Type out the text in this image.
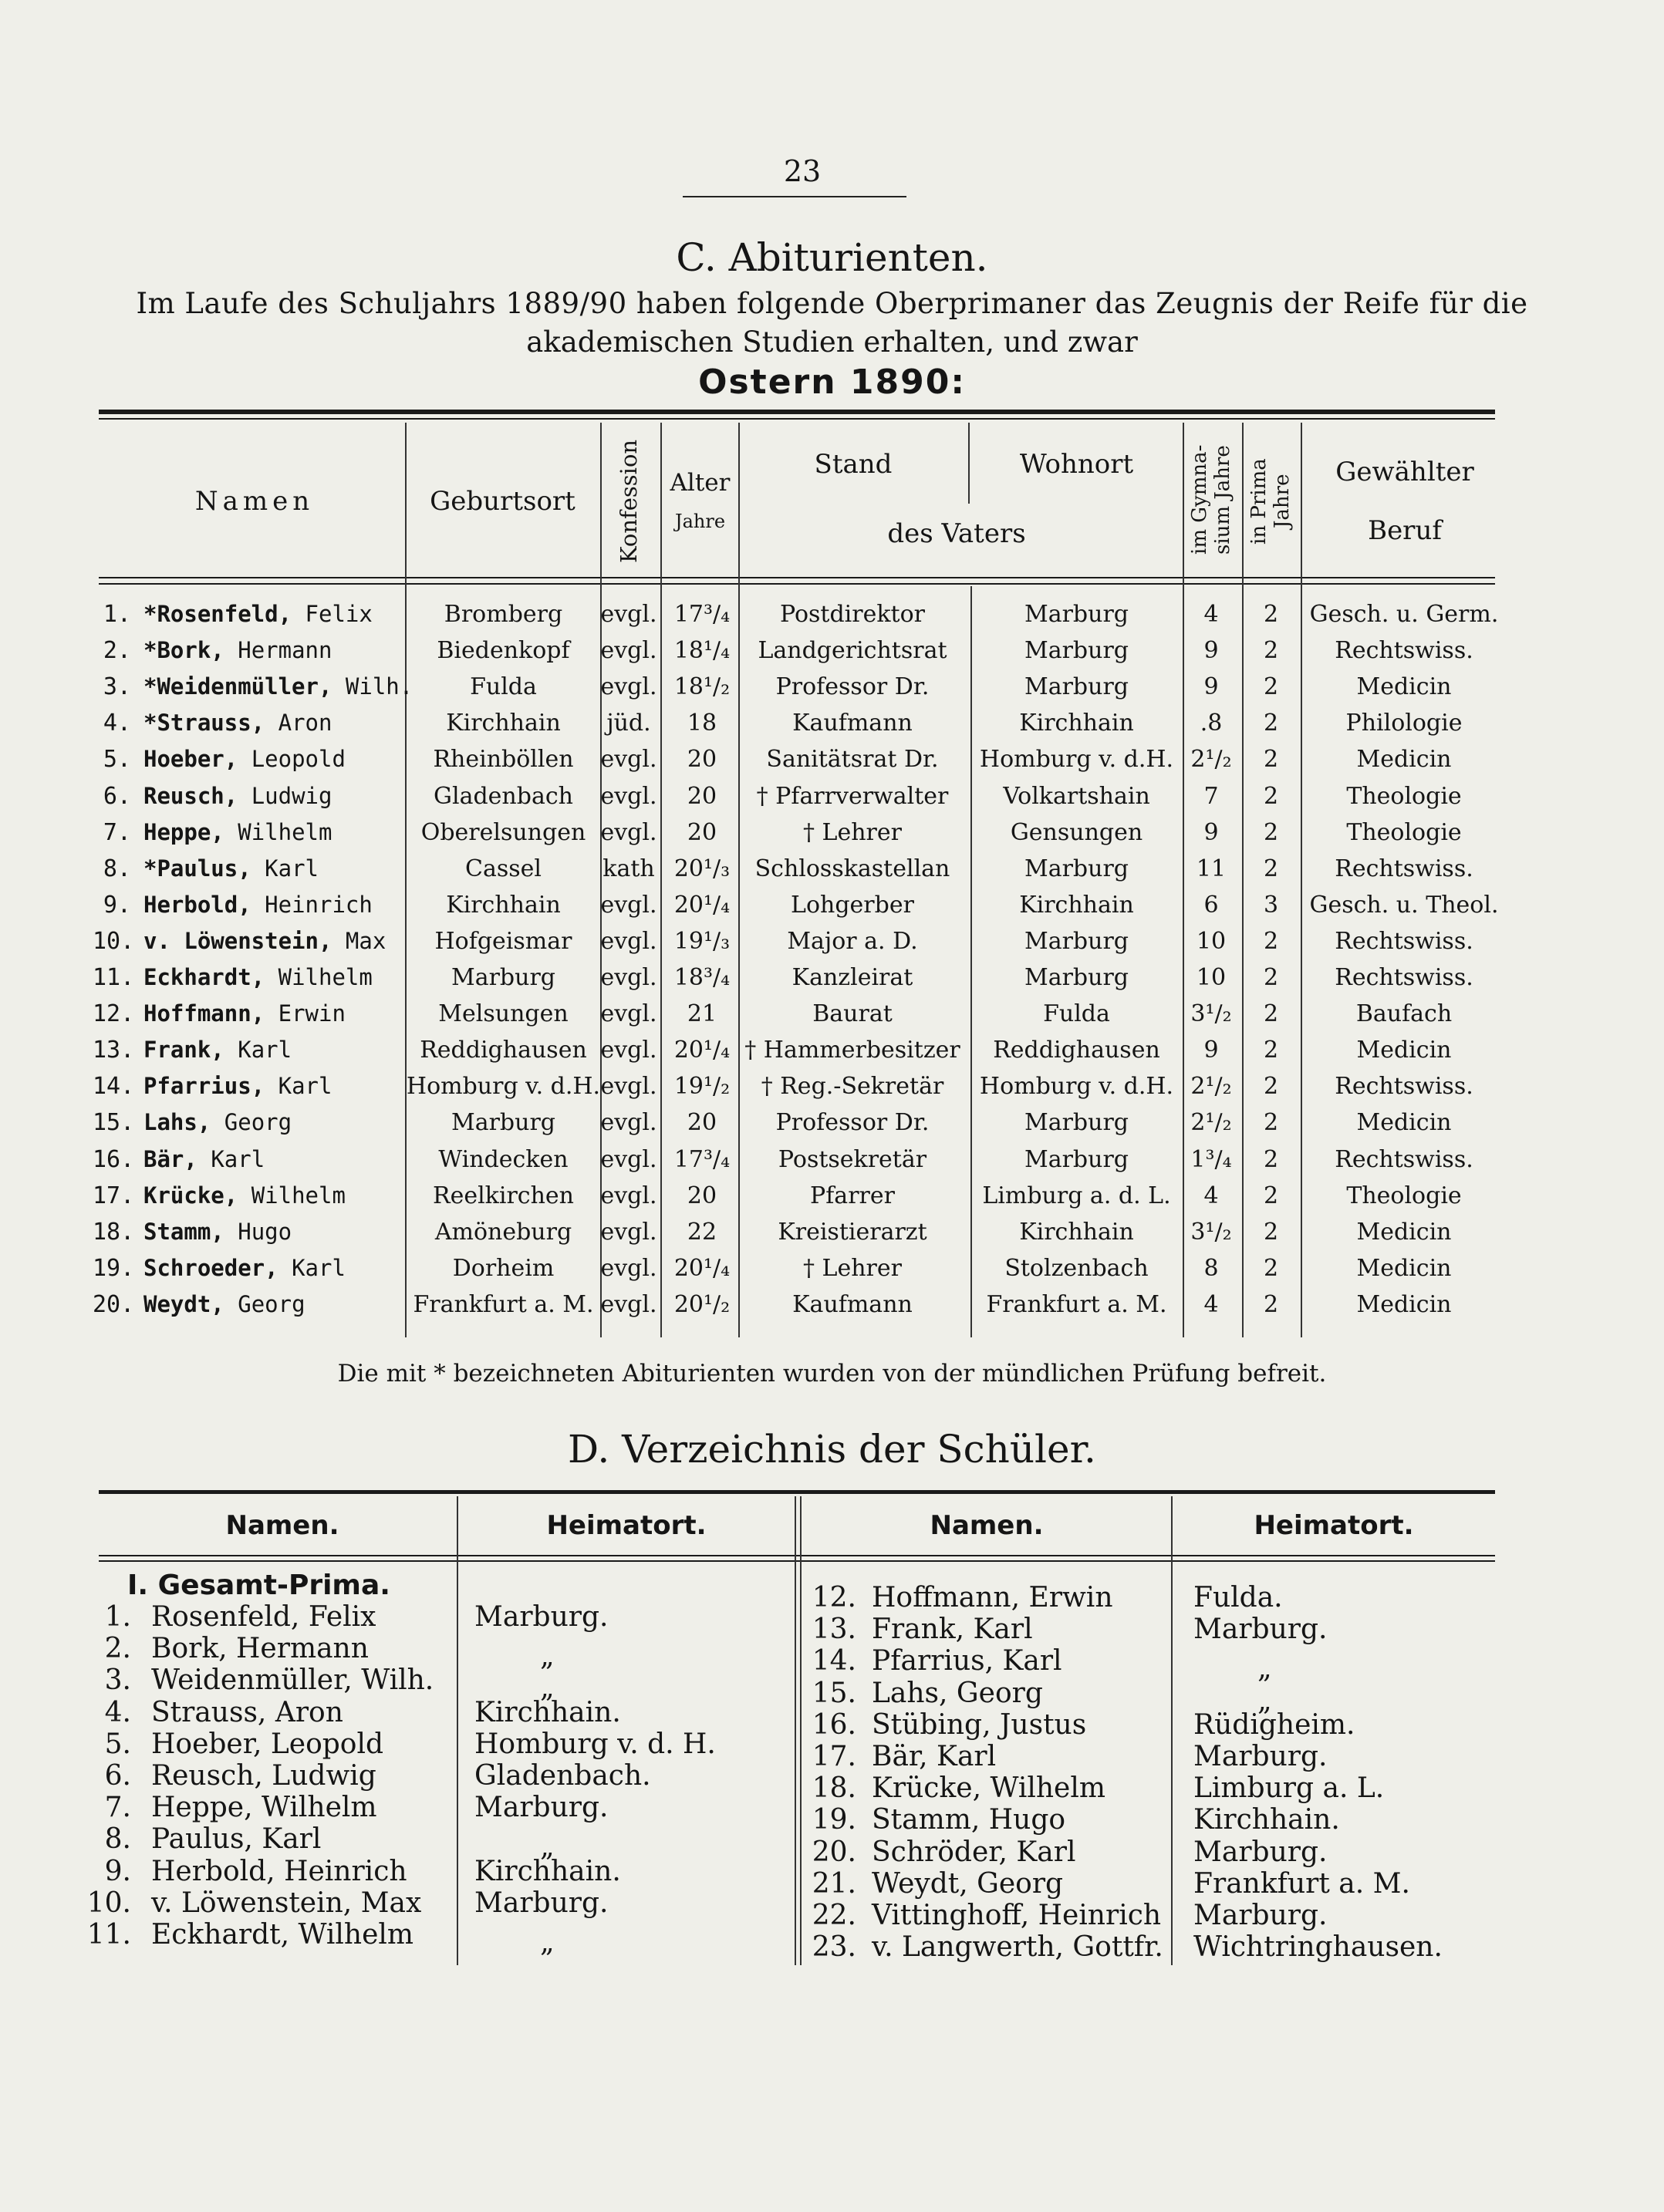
23
C. Abiturienten.
Im Laufe des Schuljahrs 1889/90 haben folgende Oberprimaner das Zeugnis der Reife für die
akademischen Studien erhalten, und zwar
Ostern 1890:
Namen	Geburtsort	Konfession	Alter
Jahre
Stand	Wohnort
des Vaters	im Gymna-sium Jahre in Prima Jahre
Gewählter
Beruf
1. *Rosenfeld, Felix	Bromberg	evgl. 17³/₄	Postdirektor	Marburg	4	2	Gesch. u. Germ.
2. *Bork, Hermann	Biedenkopf	evgl. 18¹/₄	Landgerichtsrat	Marburg	9	2	Rechtswiss.
3. *Weidenmüller, Wilh.	Fulda	evgl. 18¹/₂	Professor Dr.	Marburg	9	2	Medicin
4. *Strauss, Aron	Kirchhain	jüd.	18	Kaufmann	Kirchhain	.8	2	Philologie
5. Hoeber, Leopold	Rheinböllen	evgl.	20	Sanitätsrat Dr.	Homburg v. d.H. 2¹/₂	2	Medicin
6. Reusch, Ludwig	Gladenbach	evgl.	20	† Pfarrverwalter	Volkartshain	7	2	Theologie
7. Heppe, Wilhelm	Oberelsungen evgl.	20	† Lehrer	Gensungen	9	2	Theologie
8. *Paulus, Karl	Cassel	kath 20¹/₃	Schlosskastellan	Marburg	11	2	Rechtswiss.
9. Herbold, Heinrich	Kirchhain	evgl. 20¹/₄	Lohgerber	Kirchhain	6	3	Gesch. u. Theol.
10. v. Löwenstein, Max	Hofgeismar	evgl. 19¹/₃	Major a. D.	Marburg	10	2	Rechtswiss.
11. Eckhardt, Wilhelm	Marburg	evgl. 18³/₄	Kanzleirat	Marburg	10	2	Rechtswiss.
12. Hoffmann, Erwin	Melsungen	evgl.	21	Baurat	Fulda	3¹/₂	2	Baufach
13. Frank, Karl	Reddighausen evgl. 20¹/₄ † Hammerbesitzer	Reddighausen	9	2	Medicin
14. Pfarrius, Karl	Homburg v. d.H. evgl. 19¹/₂	† Reg.-Sekretär	Homburg v. d.H. 2¹/₂	2	Rechtswiss.
15. Lahs, Georg	Marburg	evgl.	20	Professor Dr.	Marburg	2¹/₂	2	Medicin
16. Bär, Karl	Windecken	evgl. 17³/₄	Postsekretär	Marburg	1³/₄	2	Rechtswiss.
17. Krücke, Wilhelm	Reelkirchen	evgl.	20	Pfarrer	Limburg a. d. L.	4	2	Theologie
18. Stamm, Hugo	Amöneburg	evgl.	22	Kreistierarzt	Kirchhain	3¹/₂	2	Medicin
19. Schroeder, Karl	Dorheim	evgl. 20¹/₄	† Lehrer	Stolzenbach	8	2	Medicin
20. Weydt, Georg	Frankfurt a. M. evgl. 20¹/₂	Kaufmann	Frankfurt a. M.	4	2	Medicin
Die mit * bezeichneten Abiturienten wurden von der mündlichen Prüfung befreit.
D. Verzeichnis der Schüler.
Namen.	Heimatort.	Namen.	Heimatort.
I. Gesamt-Prima.
1. Rosenfeld, Felix	Marburg.
2. Bork, Hermann	„
3. Weidenmüller, Wilh.	„
4. Strauss, Aron	Kirchhain.
5. Hoeber, Leopold	Homburg v. d. H.
6. Reusch, Ludwig	Gladenbach.
7. Heppe, Wilhelm	Marburg.
8. Paulus, Karl	„
9. Herbold, Heinrich Kirchhain.
10. v. Löwenstein, Max Marburg.
11. Eckhardt, Wilhelm	„
12. Hoffmann, Erwin	Fulda.
13. Frank, Karl	Marburg.
14. Pfarrius, Karl	„
15. Lahs, Georg	„
16. Stübing, Justus	Rüdigheim.
17. Bär, Karl	Marburg.
18. Krücke, Wilhelm	Limburg a. L.
19. Stamm, Hugo	Kirchhain.
20. Schröder, Karl	Marburg.
21. Weydt, Georg	Frankfurt a. M.
22. Vittinghoff, Heinrich Marburg.
23. v. Langwerth, Gottfr. Wichtringhausen.
